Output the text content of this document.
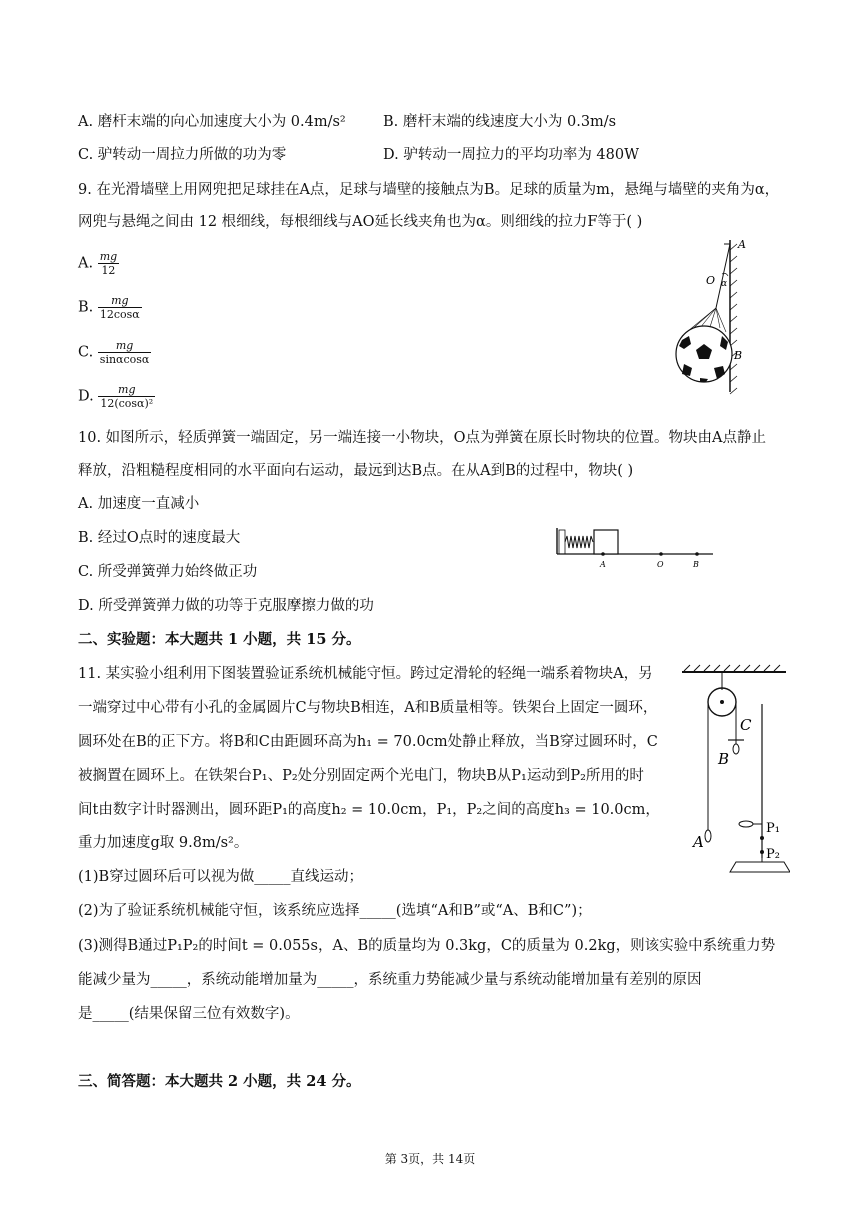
A. 磨杆末端的向心加速度大小为 0.4m/s²	B. 磨杆末端的线速度大小为 0.3m/s
C. 驴转动一周拉力所做的功为零	D. 驴转动一周拉力的平均功率为 480W
9. 在光滑墙壁上用网兜把足球挂在A点，足球与墙壁的接触点为B。足球的质量为m，悬绳与墙壁的夹角为α，
网兜与悬绳之间由 12 根细线，每根细线与AO延长线夹角也为α。则细线的拉力F等于( )
A. $\frac{mg}{12}$
B. $\frac{mg}{12\cos\alpha}$
C. $\frac{mg}{\sin\alpha\cos\alpha}$
D. $\frac{mg}{\text{12(cosα)²}}$
A
O α
B
10. 如图所示，轻质弹簧一端固定，另一端连接一小物块，O点为弹簧在原长时物块的位置。物块由A点静止
释放，沿粗糙程度相同的水平面向右运动，最远到达B点。在从A到B的过程中，物块( )
A. 加速度一直减小
B. 经过O点时的速度最大
C. 所受弹簧弹力始终做正功
D. 所受弹簧弹力做的功等于克服摩擦力做的功
A	O	B
二、实验题：本大题共 1 小题，共 15 分。
11. 某实验小组利用下图装置验证系统机械能守恒。跨过定滑轮的轻绳一端系着物块A，另
一端穿过中心带有小孔的金属圆片C与物块B相连，A和B质量相等。铁架台上固定一圆环，
圆环处在B的正下方。将B和C由距圆环高为h₁ = 70.0cm处静止释放，当B穿过圆环时，C
被搁置在圆环上。在铁架台P₁、P₂处分别固定两个光电门，物块B从P₁运动到P₂所用的时
间t由数字计时器测出，圆环距P₁的高度h₂ = 10.0cm，P₁，P₂之间的高度h₃ = 10.0cm，
重力加速度g取 9.8m/s²。
(1)B穿过圆环后可以视为做_____直线运动；
(2)为了验证系统机械能守恒，该系统应选择_____(选填“A和B”或“A、B和C”)；
(3)测得B通过P₁P₂的时间t = 0.055s，A、B的质量均为 0.3kg，C的质量为 0.2kg，则该实验中系统重力势
能减少量为_____，系统动能增加量为_____，系统重力势能减少量与系统动能增加量有差别的原因
是_____(结果保留三位有效数字)。
C
B
A
P₁
P₂
三、简答题：本大题共 2 小题，共 24 分。
第 3页，共 14页
